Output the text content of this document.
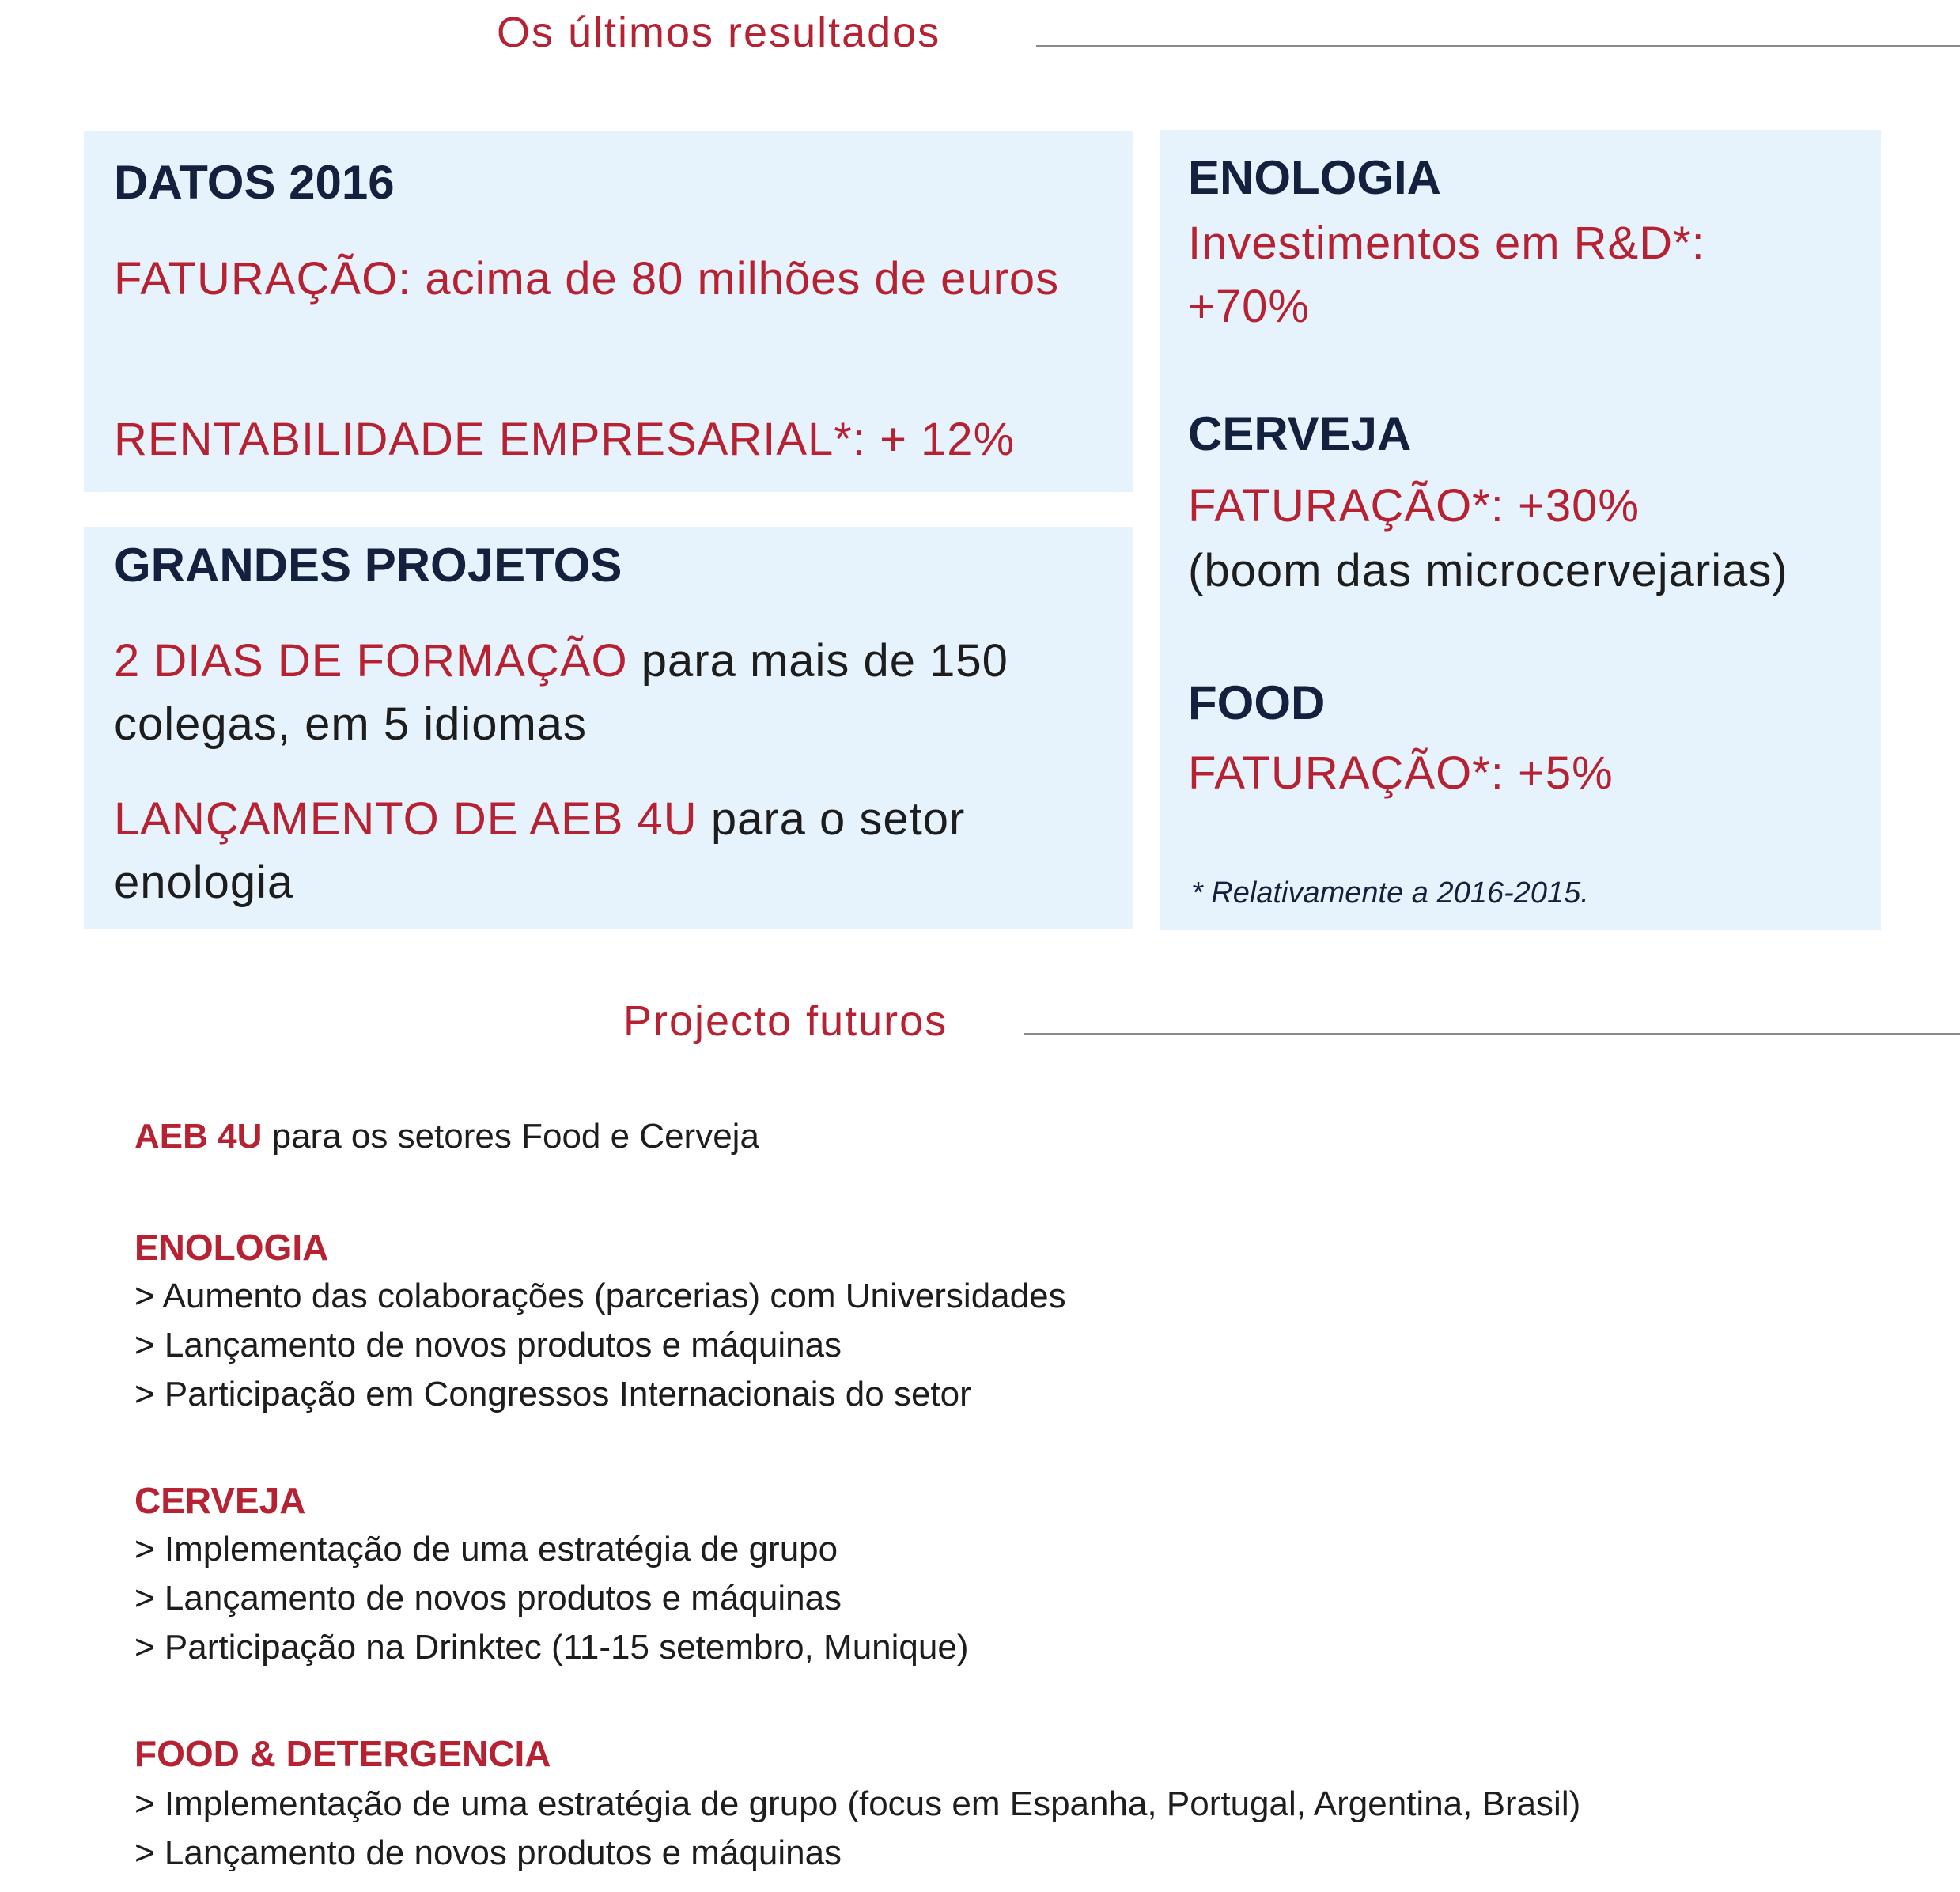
Os últimos resultados
DATOS 2016
FATURAÇÃO: acima de 80 milhões de euros
RENTABILIDADE EMPRESARIAL*: + 12%
GRANDES PROJETOS
2 DIAS DE FORMAÇÃO para mais de 150 colegas, em 5 idiomas
LANÇAMENTO DE AEB 4U para o setor enologia
ENOLOGIA
Investimentos em R&D*: +70%
CERVEJA
FATURAÇÃO*: +30%
(boom das microcervejarias)
FOOD
FATURAÇÃO*: +5%
* Relativamente a 2016-2015.
Projecto futuros
AEB 4U para os setores Food e Cerveja
ENOLOGIA
> Aumento das colaborações (parcerias) com Universidades
> Lançamento de novos produtos e máquinas
> Participação em Congressos Internacionais do setor
CERVEJA
> Implementação de uma estratégia de grupo
> Lançamento de novos produtos e máquinas
> Participação na Drinktec (11-15 setembro, Munique)
FOOD & DETERGENCIA
> Implementação de uma estratégia de grupo (focus em Espanha, Portugal, Argentina, Brasil)
> Lançamento de novos produtos e máquinas
